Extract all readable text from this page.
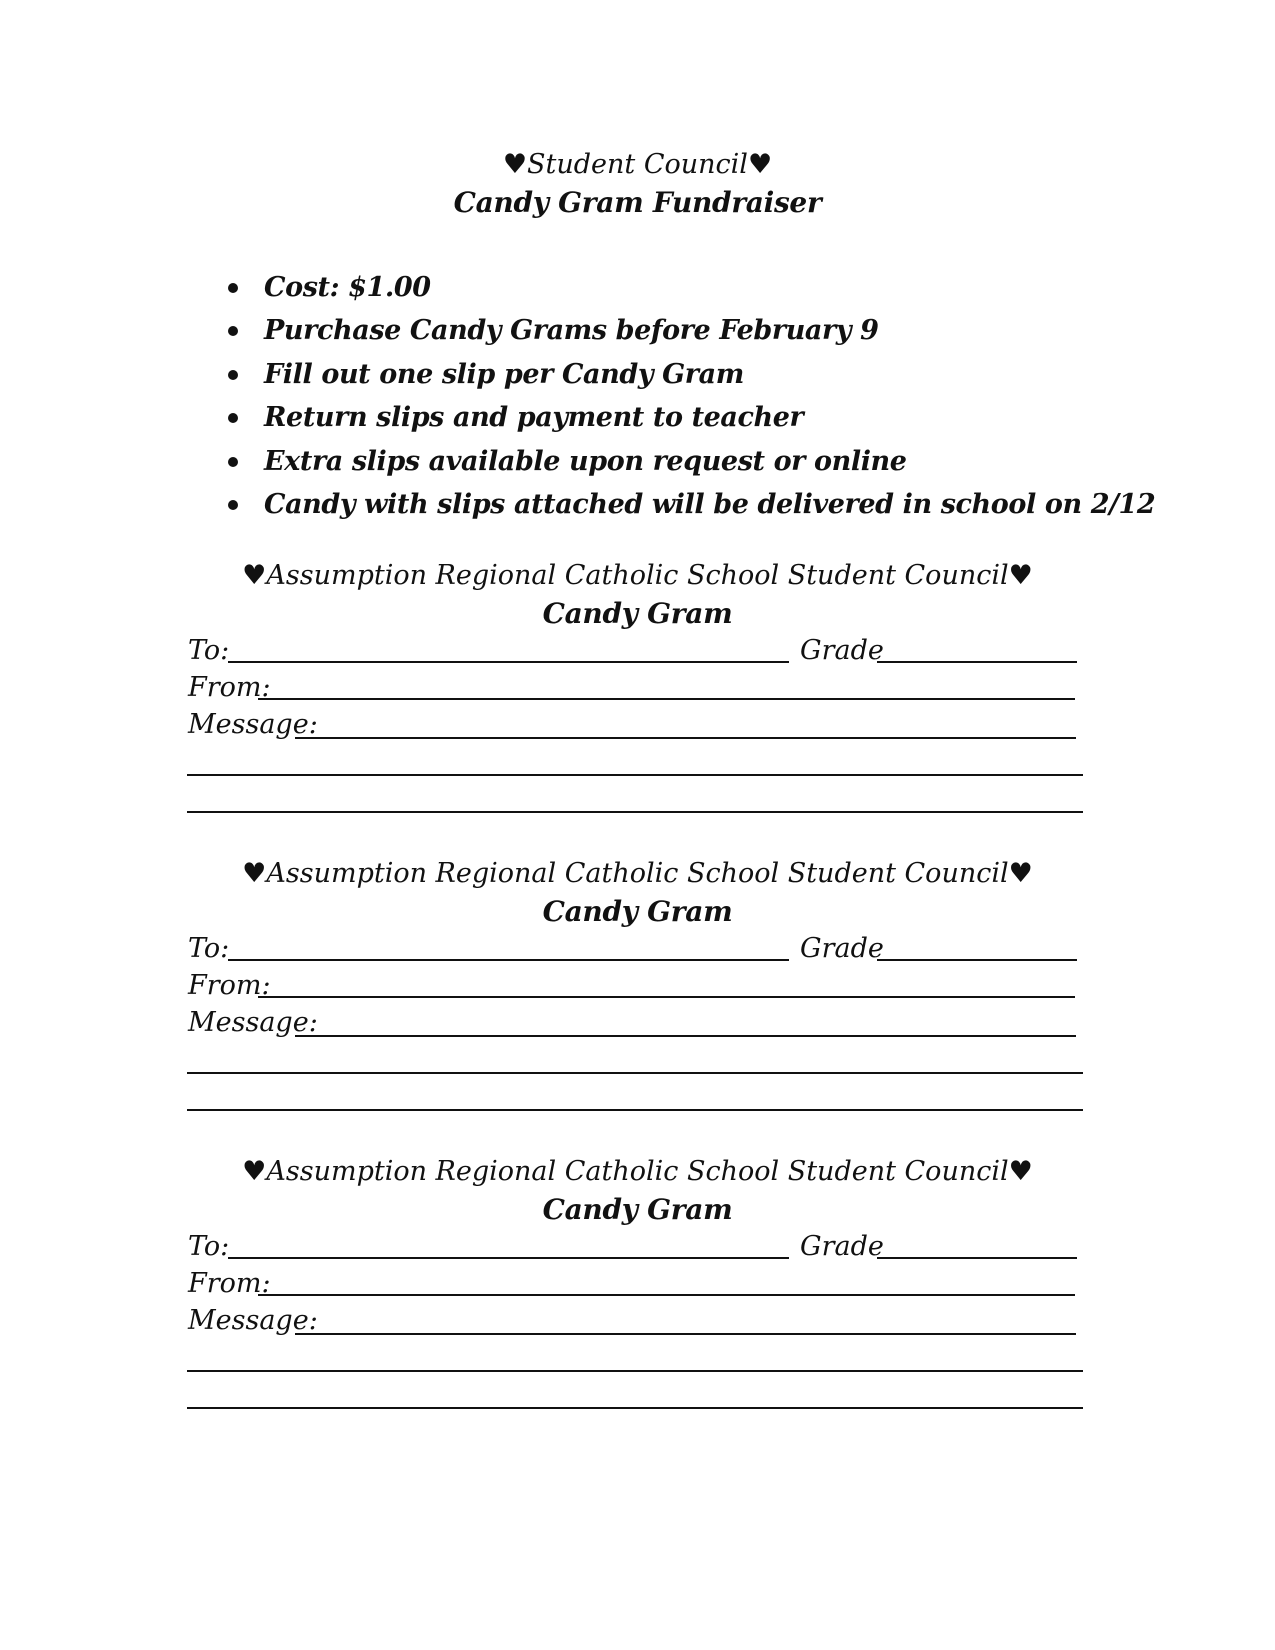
♥Student Council♥
Candy Gram Fundraiser
Cost: $1.00
Purchase Candy Grams before February 9
Fill out one slip per Candy Gram
Return slips and payment to teacher
Extra slips available upon request or online
Candy with slips attached will be delivered in school on 2/12
♥Assumption Regional Catholic School Student Council♥
Candy Gram
To:	Grade
From:
Message:
♥Assumption Regional Catholic School Student Council♥
Candy Gram
To:	Grade
From:
Message:
♥Assumption Regional Catholic School Student Council♥
Candy Gram
To:	Grade
From:
Message:
